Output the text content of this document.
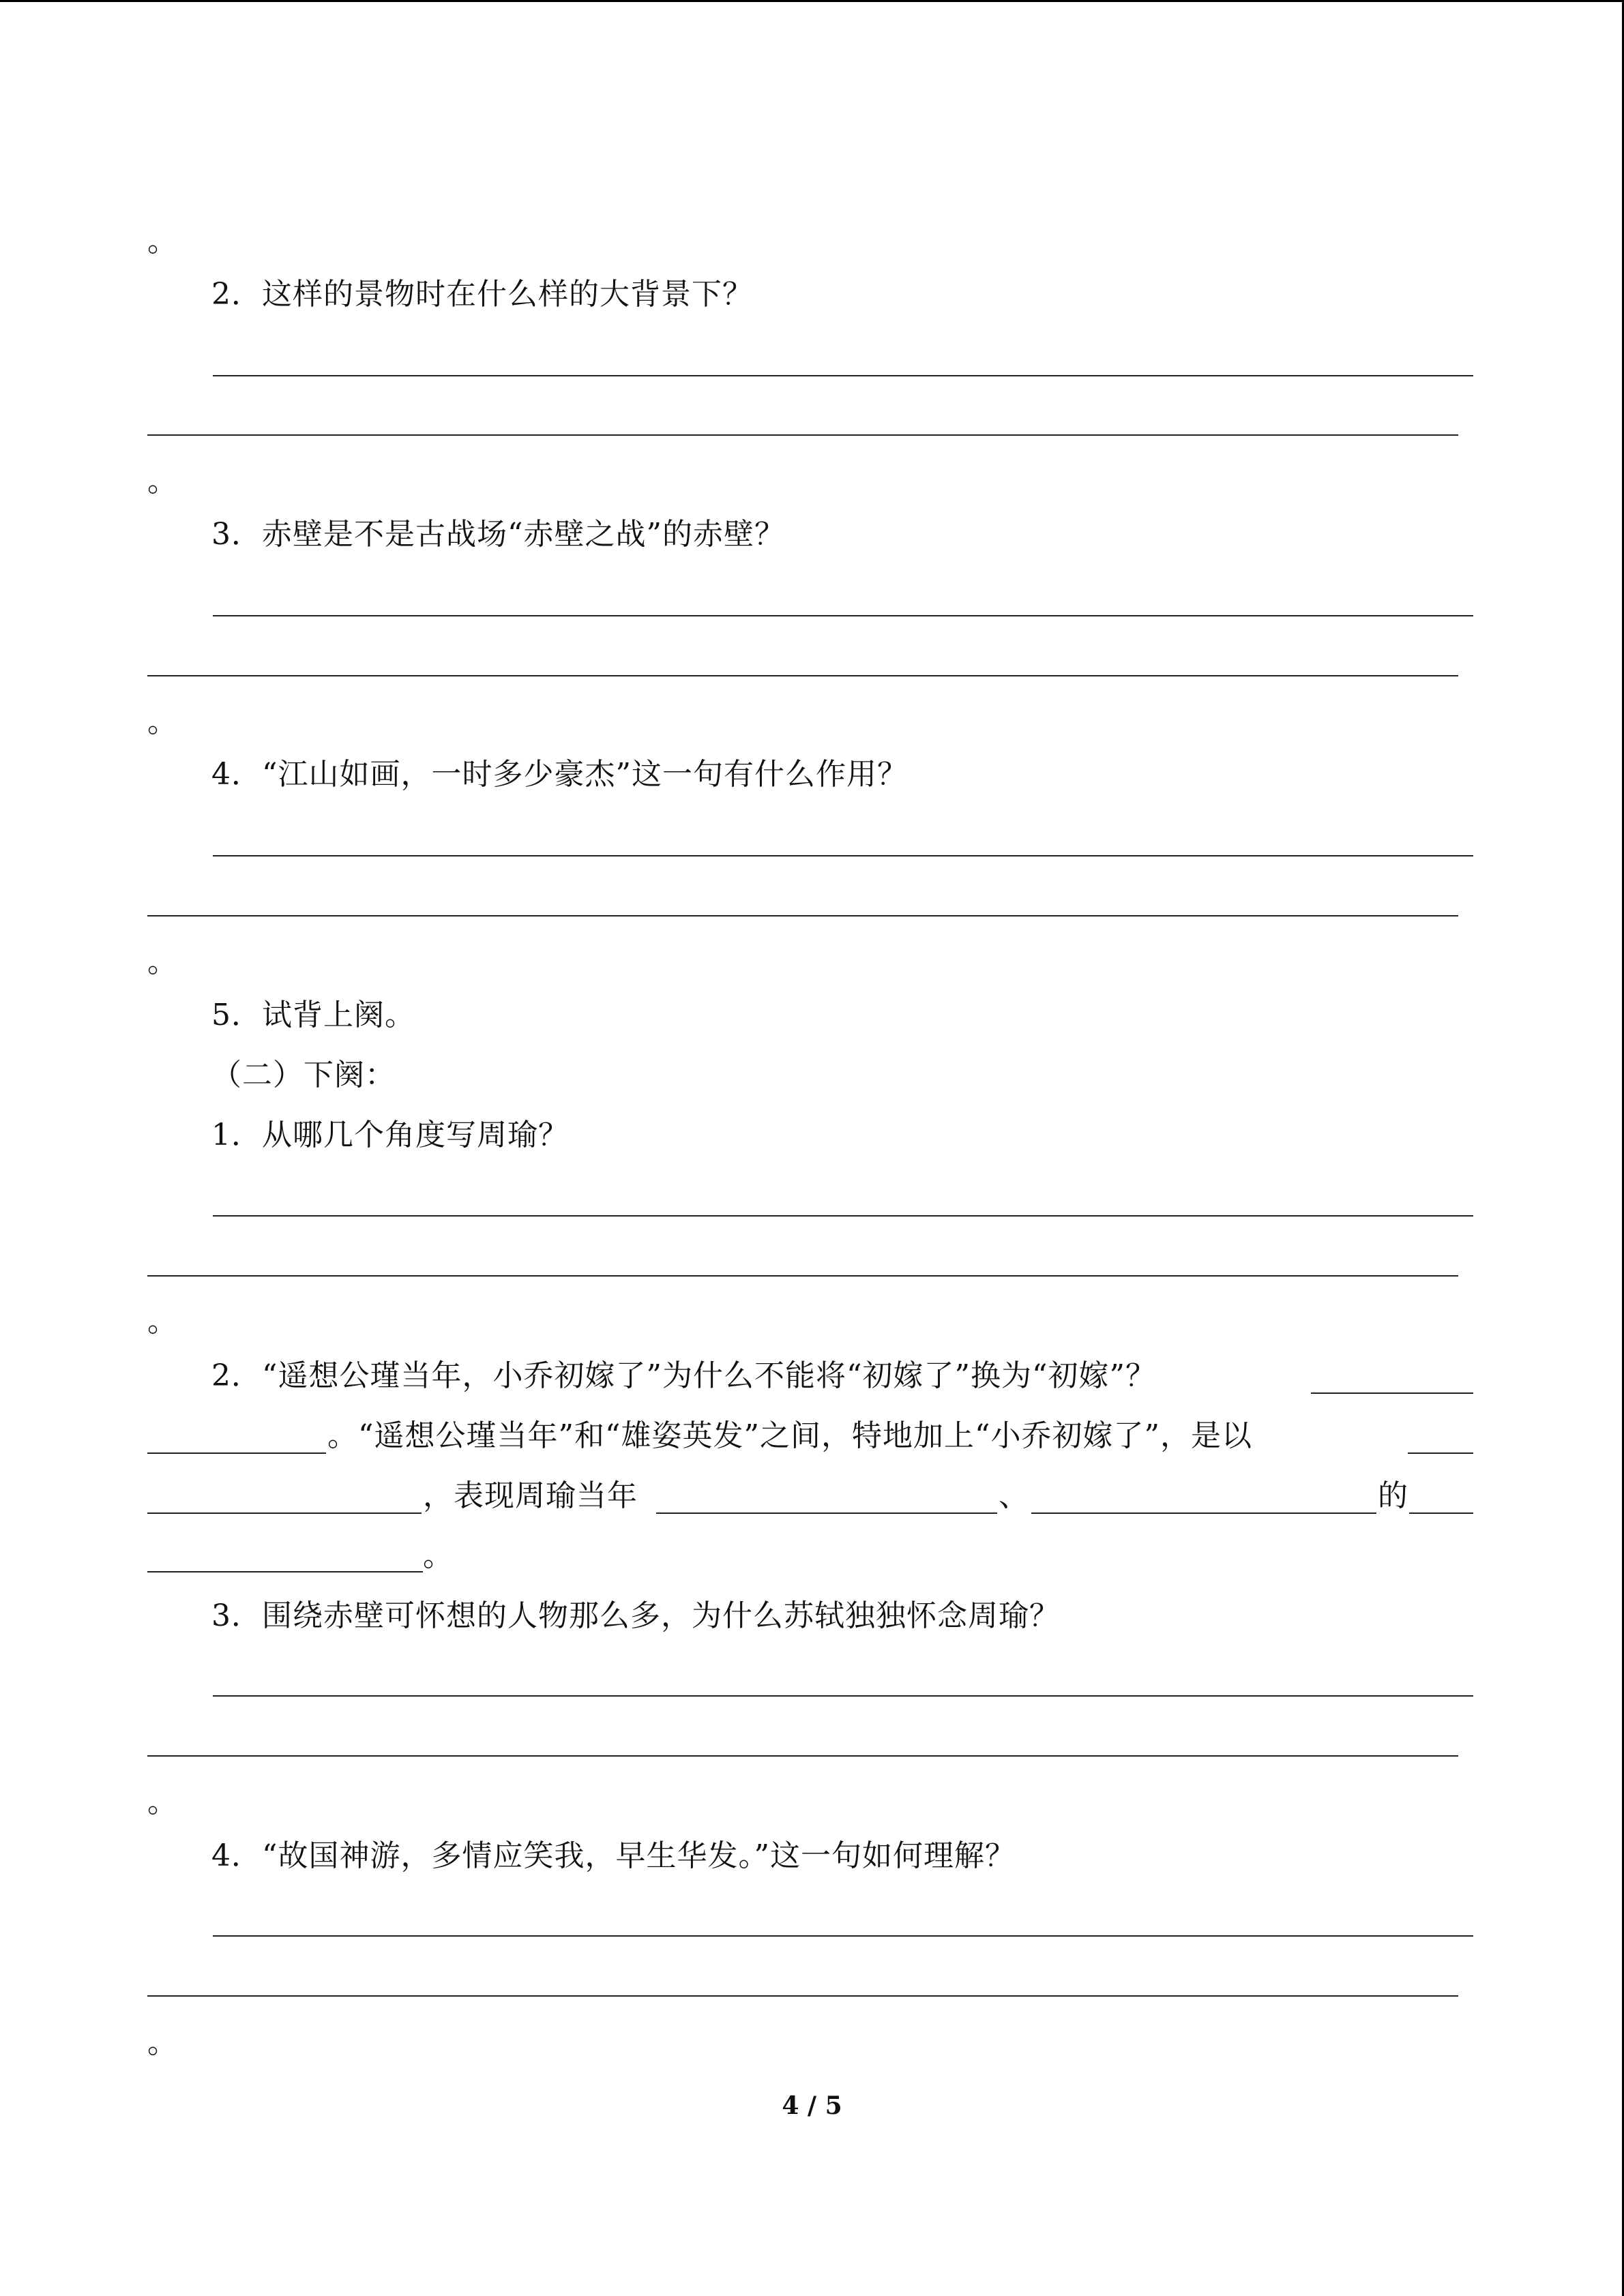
。
2．这样的景物时在什么样的大背景下？
。
3．赤壁是不是古战场“赤壁之战”的赤壁？
。
4．“江山如画，一时多少豪杰”这一句有什么作用？
。
5．试背上阕。
（二）下阕：
1．从哪几个角度写周瑜？
。
2．“遥想公瑾当年，小乔初嫁了”为什么不能将“初嫁了”换为“初嫁”？
。“遥想公瑾当年”和“雄姿英发”之间，特地加上“小乔初嫁了”，是以
，表现周瑜当年	、	的
。
3．围绕赤壁可怀想的人物那么多，为什么苏轼独独怀念周瑜？
。
4．“故国神游，多情应笑我，早生华发。”这一句如何理解？
。
4 / 5
